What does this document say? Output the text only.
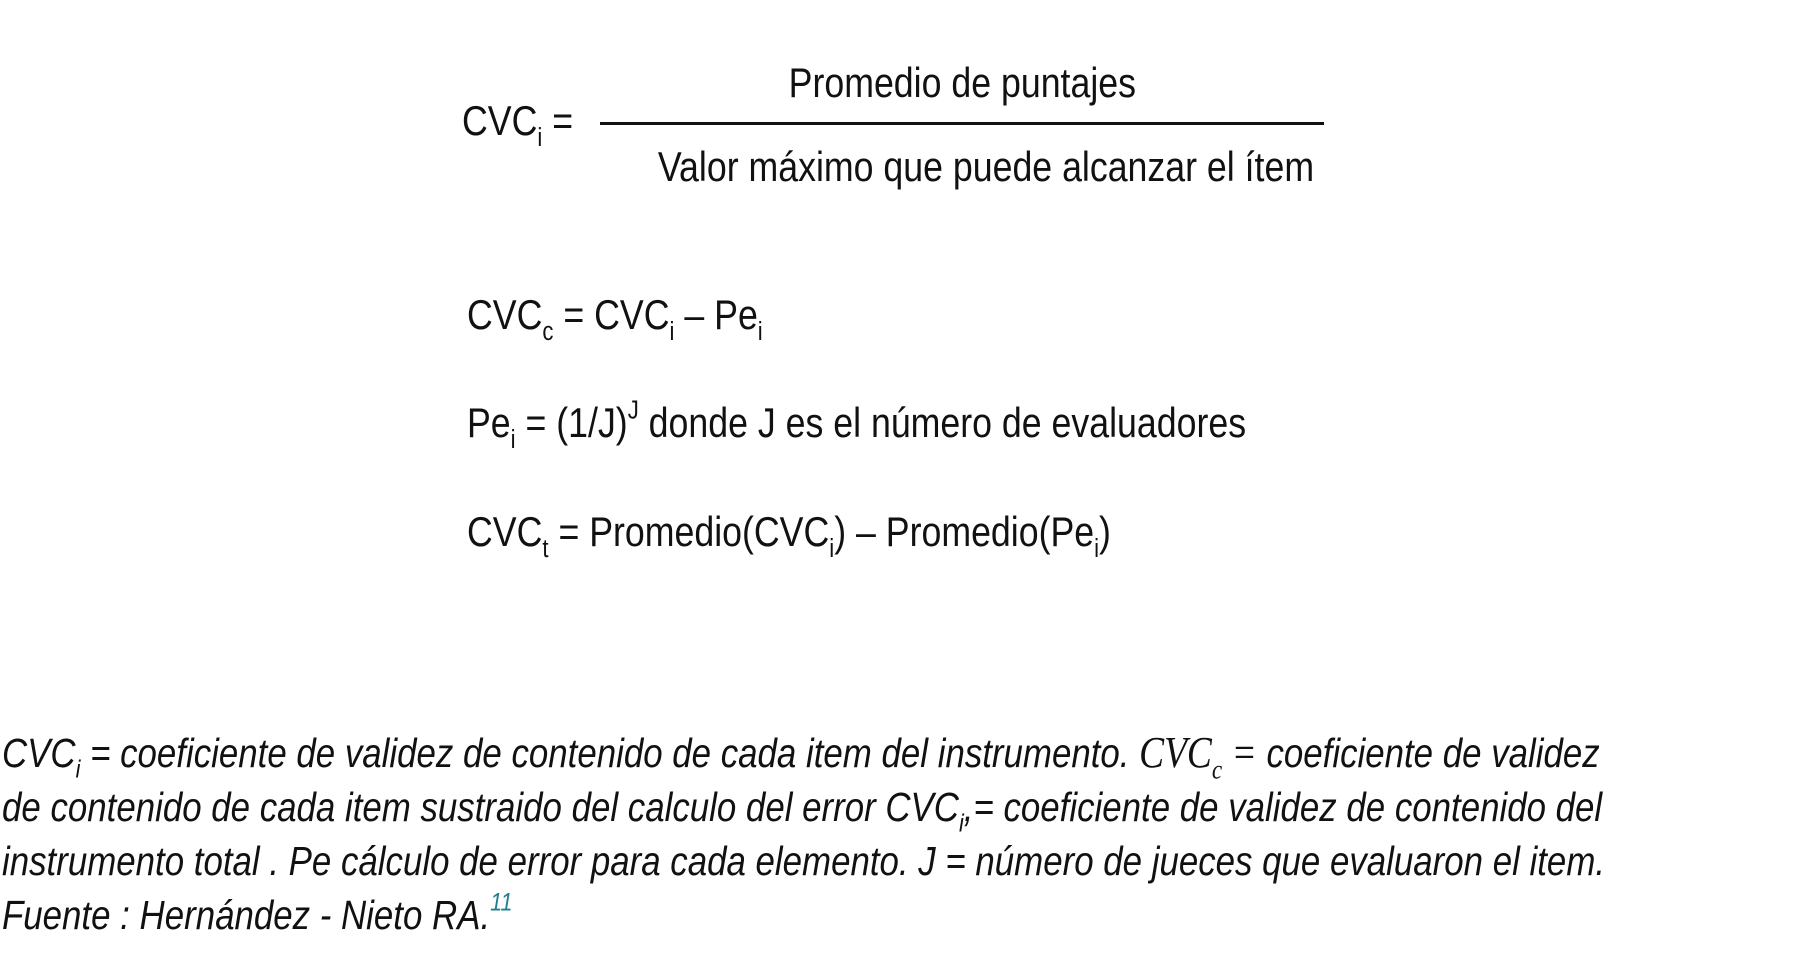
$CVC_i$ =
Promedio de puntajes
Valor máximo que puede alcanzar el ítem
$CVC_c = CVC_i - Pe_i$
$Pe_i = (1/J)^J$ donde J es el número de evaluadores
$CVC_t$ = $Promedio(CVC_i)$ – $Promedio(Pe_i)$
$CVC_i$ = coeficiente de validez de contenido de cada item del instrumento. $CVC_c$ = coeficiente de validez
de contenido de cada item sustraido del calculo del error $CVC_i,=$ coeficiente de validez de contenido del
instrumento total . Pe cálculo de error para cada elemento. J = número de jueces que evaluaron el item.
Fuente : Hernández - Nieto RA.$^{11}$
